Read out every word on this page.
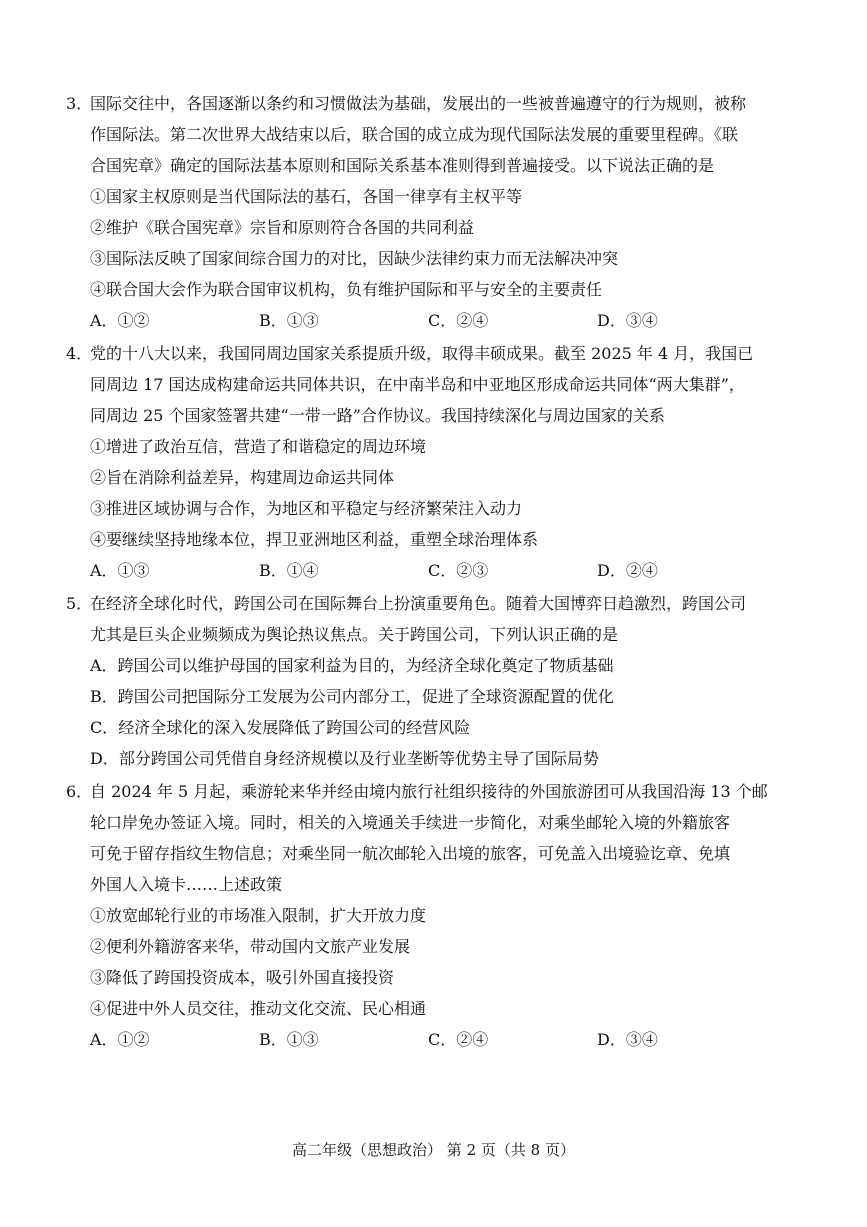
3．
国际交往中，各国逐渐以条约和习惯做法为基础，发展出的一些被普遍遵守的行为规则，被称
作国际法。第二次世界大战结束以后，联合国的成立成为现代国际法发展的重要里程碑。《联
合国宪章》确定的国际法基本原则和国际关系基本准则得到普遍接受。以下说法正确的是
①国家主权原则是当代国际法的基石，各国一律享有主权平等
②维护《联合国宪章》宗旨和原则符合各国的共同利益
③国际法反映了国家间综合国力的对比，因缺少法律约束力而无法解决冲突
④联合国大会作为联合国审议机构，负有维护国际和平与安全的主要责任
A．①②	B．①③	C．②④	D．③④
4．
党的十八大以来，我国同周边国家关系提质升级，取得丰硕成果。截至 2025 年 4 月，我国已
同周边 17 国达成构建命运共同体共识，在中南半岛和中亚地区形成命运共同体“两大集群”，
同周边 25 个国家签署共建“一带一路”合作协议。我国持续深化与周边国家的关系
①增进了政治互信，营造了和谐稳定的周边环境
②旨在消除利益差异，构建周边命运共同体
③推进区域协调与合作，为地区和平稳定与经济繁荣注入动力
④要继续坚持地缘本位，捍卫亚洲地区利益，重塑全球治理体系
A．①③	B．①④	C．②③	D．②④
5．
在经济全球化时代，跨国公司在国际舞台上扮演重要角色。随着大国博弈日趋激烈，跨国公司
尤其是巨头企业频频成为舆论热议焦点。关于跨国公司，下列认识正确的是
A．跨国公司以维护母国的国家利益为目的，为经济全球化奠定了物质基础
B．跨国公司把国际分工发展为公司内部分工，促进了全球资源配置的优化
C．经济全球化的深入发展降低了跨国公司的经营风险
D．部分跨国公司凭借自身经济规模以及行业垄断等优势主导了国际局势
6．
自 2024 年 5 月起，乘游轮来华并经由境内旅行社组织接待的外国旅游团可从我国沿海 13 个邮
轮口岸免办签证入境。同时，相关的入境通关手续进一步简化，对乘坐邮轮入境的外籍旅客
可免于留存指纹生物信息；对乘坐同一航次邮轮入出境的旅客，可免盖入出境验讫章、免填
外国人入境卡……上述政策
①放宽邮轮行业的市场准入限制，扩大开放力度
②便利外籍游客来华，带动国内文旅产业发展
③降低了跨国投资成本，吸引外国直接投资
④促进中外人员交往，推动文化交流、民心相通
A．①②	B．①③	C．②④	D．③④
高二年级（思想政治） 第 2 页（共 8 页）
